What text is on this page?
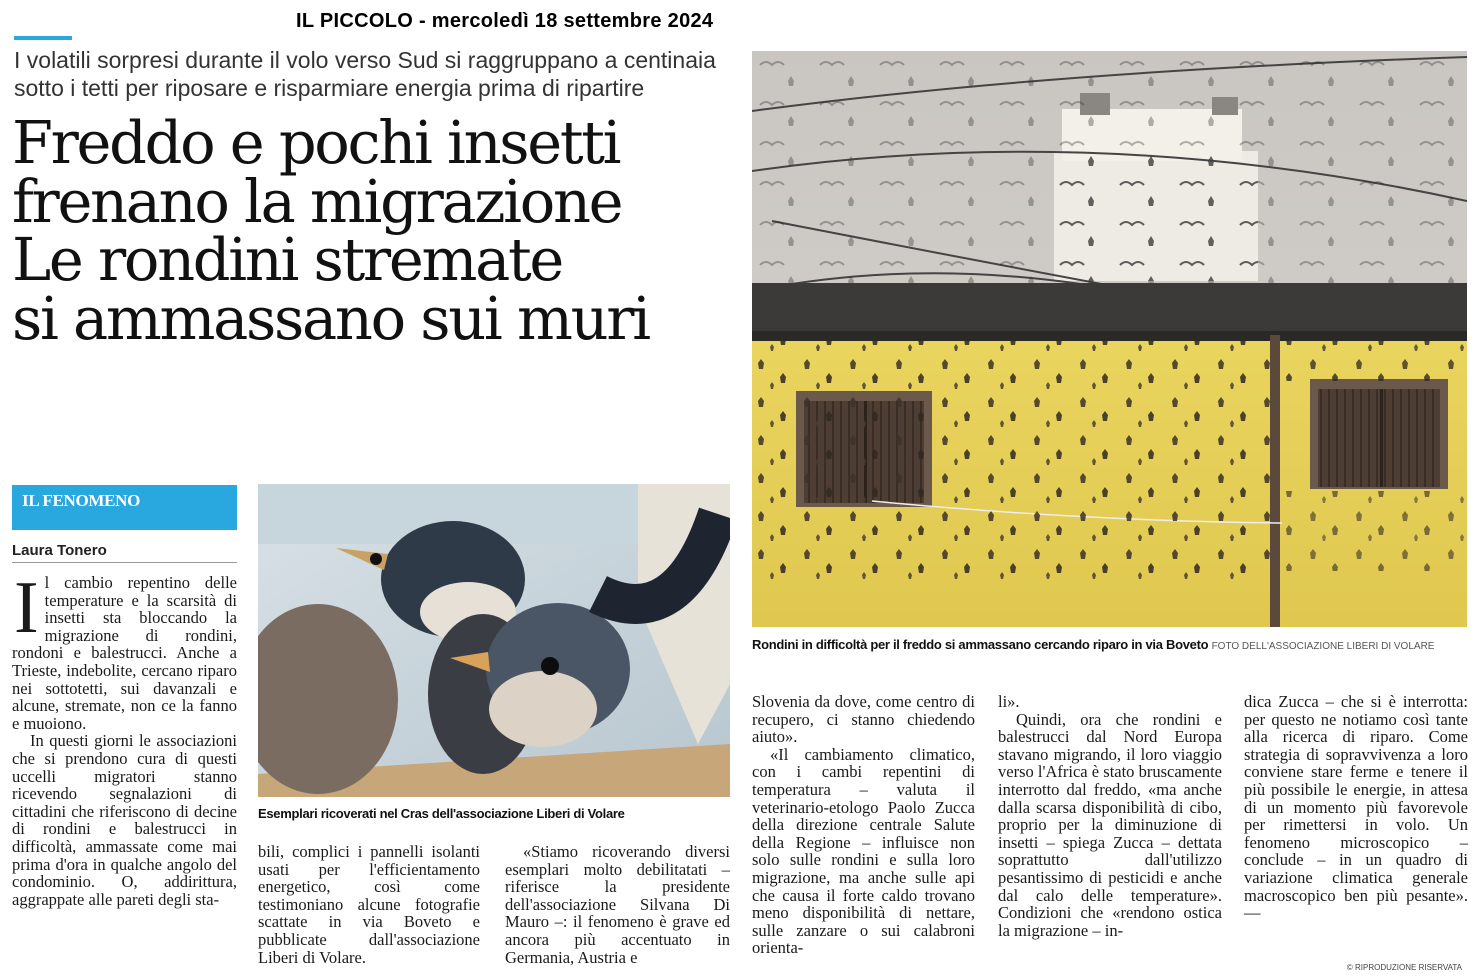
IL PICCOLO - mercoledì 18 settembre 2024
I volatili sorpresi durante il volo verso Sud si raggruppano a centinaia sotto i tetti per riposare e risparmiare energia prima di ripartire
Freddo e pochi insetti
frenano la migrazione
Le rondini stremate
si ammassano sui muri
Rondini in difficoltà per il freddo si ammassano cercando riparo in via Boveto FOTO DELL'ASSOCIAZIONE LIBERI DI VOLARE
Esemplari ricoverati nel Cras dell'associazione Liberi di Volare
IL FENOMENO
Laura Tonero

Il cambio repentino delle temperature e la scarsità di insetti sta bloccando la migrazione di rondini, rondoni e balestrucci. Anche a Trieste, indebolite, cercano riparo nei sottotetti, sui davanzali e alcune, stremate, non ce la fanno e muoiono.

In questi giorni le associazioni che si prendono cura di questi uccelli migratori stanno ricevendo segnalazioni di cittadini che riferiscono di decine di rondini e balestrucci in difficoltà, ammassate come mai prima d'ora in qualche angolo del condominio. O, addirittura, aggrappate alle pareti degli sta-

bili, complici i pannelli isolanti usati per l'efficientamento energetico, così come testimoniano alcune fotografie scattate in via Boveto e pubblicate dall'associazione Liberi di Volare.

«Stiamo ricoverando diversi esemplari molto debilitatati – riferisce la presidente dell'associazione Silvana Di Mauro –: il fenomeno è grave ed ancora più accentuato in Germania, Austria e

Slovenia da dove, come centro di recupero, ci stanno chiedendo aiuto».

«Il cambiamento climatico, con i cambi repentini di temperatura – valuta il veterinario-etologo Paolo Zucca della direzione centrale Salute della Regione – influisce non solo sulle rondini e sulla loro migrazione, ma anche sulle api che causa il forte caldo trovano meno disponibilità di nettare, sulle zanzare o sui calabroni orienta-

li».

Quindi, ora che rondini e balestrucci dal Nord Europa stavano migrando, il loro viaggio verso l'Africa è stato bruscamente interrotto dal freddo, «ma anche dalla scarsa disponibilità di cibo, proprio per la diminuzione di insetti – spiega Zucca – dettata soprattutto dall'utilizzo pesantissimo di pesticidi e anche dal calo delle temperature». Condizioni che «rendono ostica la migrazione – in-

dica Zucca – che si è interrotta: per questo ne notiamo così tante alla ricerca di riparo. Come strategia di sopravvivenza a loro conviene stare ferme e tenere il più possibile le energie, in attesa di un momento più favorevole per rimettersi in volo. Un fenomeno microscopico – conclude – in un quadro di variazione climatica generale macroscopico ben più pesante». —

© RIPRODUZIONE RISERVATA
